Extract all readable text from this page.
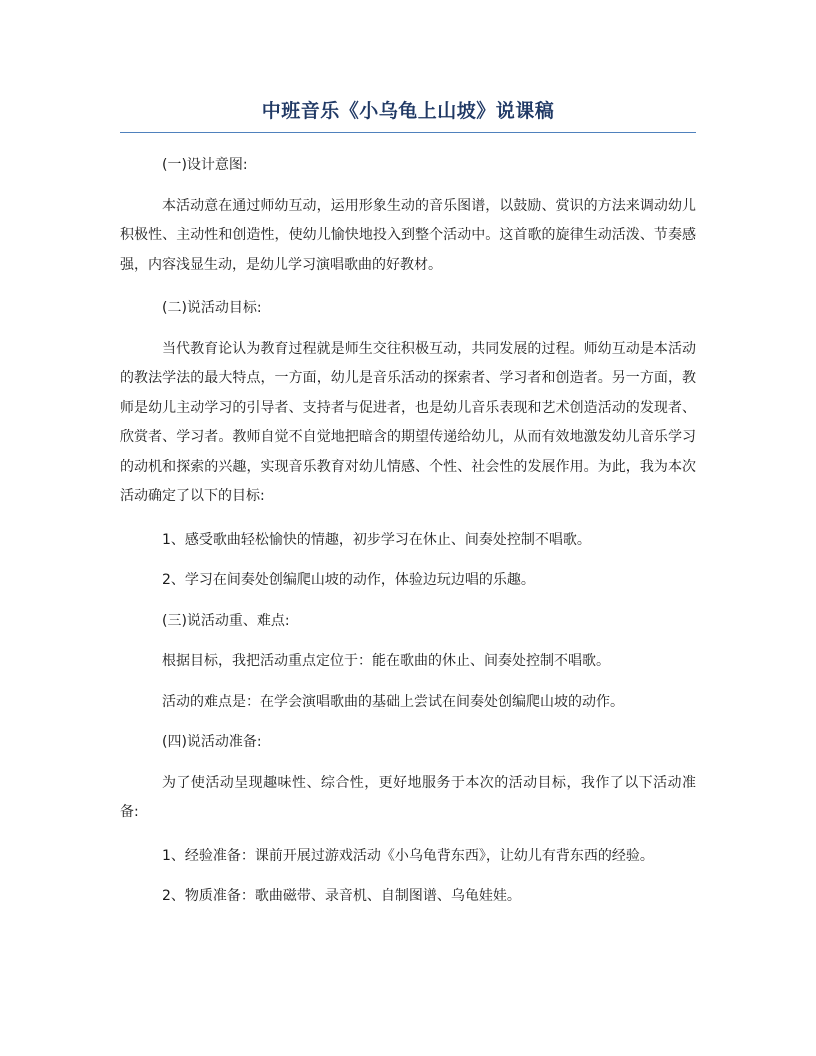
中班音乐《小乌龟上山坡》说课稿

(一)设计意图:

本活动意在通过师幼互动，运用形象生动的音乐图谱，以鼓励、赏识的方法来调动幼儿积极性、主动性和创造性，使幼儿愉快地投入到整个活动中。这首歌的旋律生动活泼、节奏感强，内容浅显生动，是幼儿学习演唱歌曲的好教材。

(二)说活动目标:

当代教育论认为教育过程就是师生交往积极互动，共同发展的过程。师幼互动是本活动的教法学法的最大特点，一方面，幼儿是音乐活动的探索者、学习者和创造者。另一方面，教师是幼儿主动学习的引导者、支持者与促进者，也是幼儿音乐表现和艺术创造活动的发现者、欣赏者、学习者。教师自觉不自觉地把暗含的期望传递给幼儿，从而有效地激发幼儿音乐学习的动机和探索的兴趣，实现音乐教育对幼儿情感、个性、社会性的发展作用。为此，我为本次活动确定了以下的目标:

1、感受歌曲轻松愉快的情趣，初步学习在休止、间奏处控制不唱歌。

2、学习在间奏处创编爬山坡的动作，体验边玩边唱的乐趣。

(三)说活动重、难点:

根据目标，我把活动重点定位于：能在歌曲的休止、间奏处控制不唱歌。

活动的难点是：在学会演唱歌曲的基础上尝试在间奏处创编爬山坡的动作。

(四)说活动准备:

为了使活动呈现趣味性、综合性，更好地服务于本次的活动目标，我作了以下活动准备:

1、经验准备：课前开展过游戏活动《小乌龟背东西》，让幼儿有背东西的经验。

2、物质准备：歌曲磁带、录音机、自制图谱、乌龟娃娃。
